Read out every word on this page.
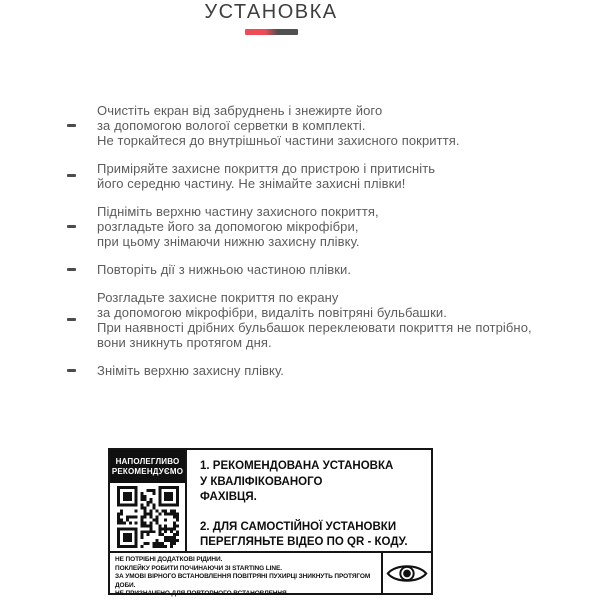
УСТАНОВКА
Очистіть екран від забруднень і знежирте його
за допомогою вологої серветки в комплекті.
Не торкайтеся до внутрішньої частини захисного покриття.
Приміряйте захисне покриття до пристрою і притисніть
його середню частину. Не знімайте захисні плівки!
Підніміть верхню частину захисного покриття,
розгладьте його за допомогою мікрофібри,
при цьому знімаючи нижню захисну плівку.
Повторіть дії з нижньою частиною плівки.
Розгладьте захисне покриття по екрану
за допомогою мікрофібри, видаліть повітряні бульбашки.
При наявності дрібних бульбашок переклеювати покриття не потрібно,
вони зникнуть протягом дня.
Зніміть верхню захисну плівку.
НАПОЛЕГЛИВО
РЕКОМЕНДУЄМО 1. РЕКОМЕНДОВАНА УСТАНОВКА
У КВАЛІФІКОВАНОГО
ФАХІВЦЯ.

2. ДЛЯ САМОСТІЙНОЇ УСТАНОВКИ
ПЕРЕГЛЯНЬТЕ ВІДЕО ПО QR - КОДУ.

НЕ ПОТРІБНІ ДОДАТКОВІ РІДИНИ.
ПОКЛЕЙКУ РОБИТИ ПОЧИНАЮЧИ ЗІ STARTING LINE.
ЗА УМОВІ ВІРНОГО ВСТАНОВЛЕННЯ ПОВІТРЯНІ ПУХИРЦІ ЗНИКНУТЬ ПРОТЯГОМ ДОБИ.
НЕ ПРИЗНАЧЕНО ДЛЯ ПОВТОРНОГО ВСТАНОВЛЕННЯ.
